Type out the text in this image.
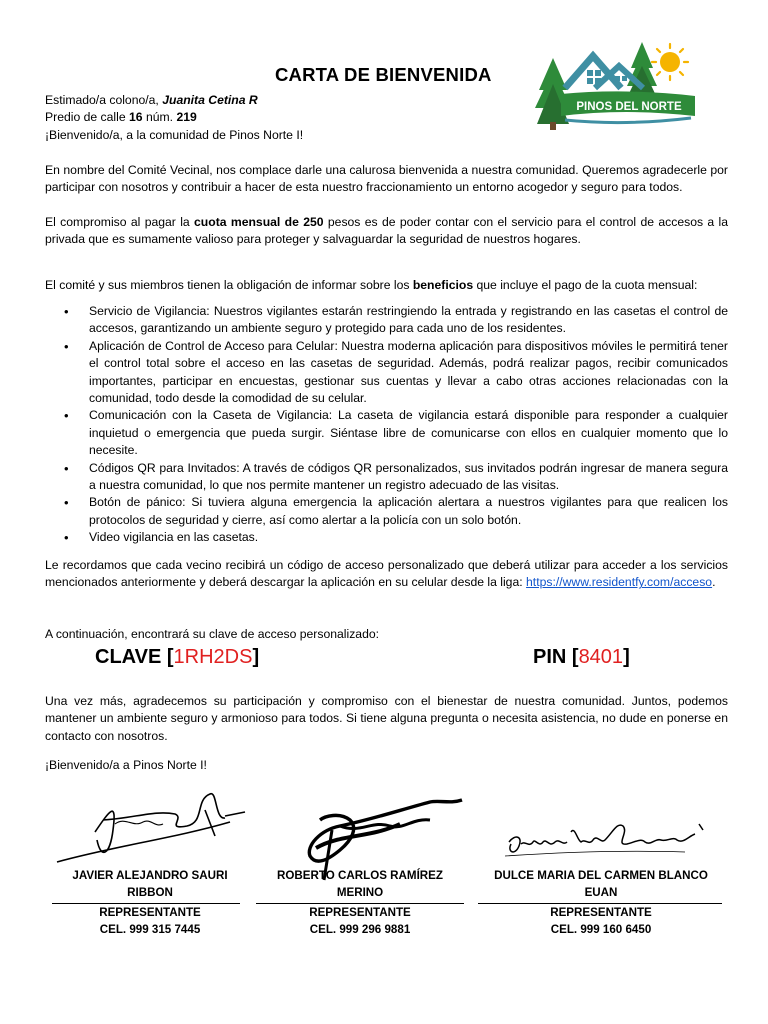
PINOS DEL NORTE
CARTA DE BIENVENIDA
Estimado/a colono/a, Juanita Cetina R
Predio de calle 16 núm. 219
¡Bienvenido/a, a la comunidad de Pinos Norte I!
En nombre del Comité Vecinal, nos complace darle una calurosa bienvenida a nuestra comunidad. Queremos agradecerle por participar con nosotros y contribuir a hacer de esta nuestro fraccionamiento un entorno acogedor y seguro para todos.
El compromiso al pagar la cuota mensual de 250 pesos es de poder contar con el servicio para el control de accesos a la privada que es sumamente valioso para proteger y salvaguardar la seguridad de nuestros hogares.
El comité y sus miembros tienen la obligación de informar sobre los beneficios que incluye el pago de la cuota mensual:
• Servicio de Vigilancia: Nuestros vigilantes estarán restringiendo la entrada y registrando en las casetas el control de accesos, garantizando un ambiente seguro y protegido para cada uno de los residentes.
• Aplicación de Control de Acceso para Celular: Nuestra moderna aplicación para dispositivos móviles le permitirá tener el control total sobre el acceso en las casetas de seguridad. Además, podrá realizar pagos, recibir comunicados importantes, participar en encuestas, gestionar sus cuentas y llevar a cabo otras acciones relacionadas con la comunidad, todo desde la comodidad de su celular.
• Comunicación con la Caseta de Vigilancia: La caseta de vigilancia estará disponible para responder a cualquier inquietud o emergencia que pueda surgir. Siéntase libre de comunicarse con ellos en cualquier momento que lo necesite.
• Códigos QR para Invitados: A través de códigos QR personalizados, sus invitados podrán ingresar de manera segura a nuestra comunidad, lo que nos permite mantener un registro adecuado de las visitas.
• Botón de pánico: Si tuviera alguna emergencia la aplicación alertara a nuestros vigilantes para que realicen los protocolos de seguridad y cierre, así como alertar a la policía con un solo botón.
• Video vigilancia en las casetas.
Le recordamos que cada vecino recibirá un código de acceso personalizado que deberá utilizar para acceder a los servicios mencionados anteriormente y deberá descargar la aplicación en su celular desde la liga: https://www.residentfy.com/acceso.
A continuación, encontrará su clave de acceso personalizado:
CLAVE [1RH2DS]	PIN [8401]
Una vez más, agradecemos su participación y compromiso con el bienestar de nuestra comunidad. Juntos, podemos mantener un ambiente seguro y armonioso para todos. Si tiene alguna pregunta o necesita asistencia, no dude en ponerse en contacto con nosotros.
¡Bienvenido/a a Pinos Norte I!
JAVIER ALEJANDRO SAURI
RIBBON
REPRESENTANTE
CEL. 999 315 7445
ROBERTO CARLOS RAMÍREZ
MERINO
REPRESENTANTE
CEL. 999 296 9881
DULCE MARIA DEL CARMEN BLANCO
EUAN
REPRESENTANTE
CEL. 999 160 6450
